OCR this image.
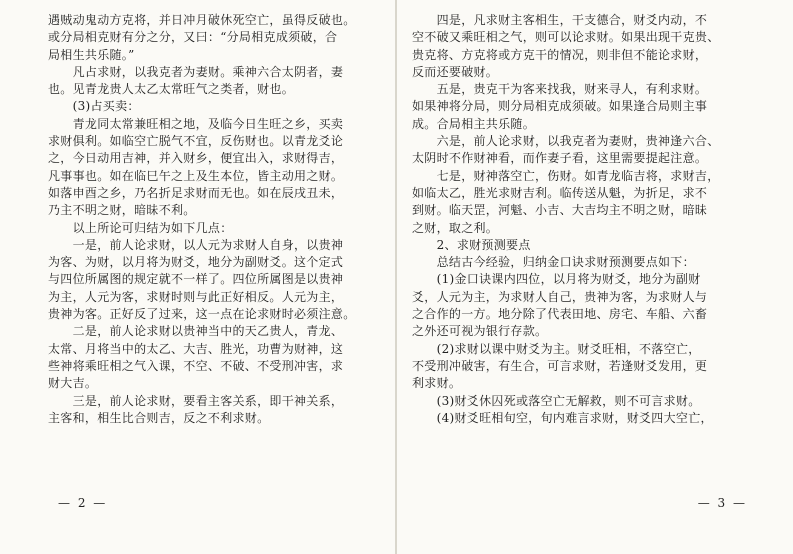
遇贼动鬼动方克将，并日冲月破休死空亡，虽得反破也。
或分局相克财有分之分，又曰：“分局相克成须破，合
局相生共乐随。”
　　凡占求财，以我克者为妻财。乘神六合太阴者，妻
也。见青龙贵人太乙太常旺气之类者，财也。
　　(3)占买卖：
　　青龙同太常兼旺相之地，及临今日生旺之乡，买卖
求财俱利。如临空亡脱气不宜，反伤财也。以青龙爻论
之，今日动用吉神，并入财乡，便宜出入，求财得吉，
凡事事也。如在临巳午之上及生本位，皆主动用之财。
如落申酉之乡，乃名折足求财而无也。如在辰戌丑未，
乃主不明之财，暗昧不利。
　　以上所论可归结为如下几点：
　　一是，前人论求财，以人元为求财人自身，以贵神
为客、为财，以月将为财爻，地分为副财爻。这个定式
与四位所属图的规定就不一样了。四位所属图是以贵神
为主，人元为客，求财时则与此正好相反。人元为主，
贵神为客。正好反了过来，这一点在论求财时必须注意。
　　二是，前人论求财以贵神当中的天乙贵人，青龙、
太常、月将当中的太乙、大吉、胜光，功曹为财神，这
些神将乘旺相之气入课，不空、不破、不受刑冲害，求
财大吉。
　　三是，前人论求财，要看主客关系，即干神关系，
主客和，相生比合则吉，反之不利求财。
— 2 —
　　四是，凡求财主客相生，干支德合，财爻内动，不
空不破又乘旺相之气，则可以论求财。如果出现干克贵、
贵克将、方克将或方克干的情况，则非但不能论求财，
反而还要破财。
　　五是，贵克干为客来找我，财来寻人，有利求财。
如果神将分局，则分局相克成须破。如果逢合局则主事
成。合局相主共乐随。
　　六是，前人论求财，以我克者为妻财，贵神逢六合、
太阴时不作财神看，而作妻子看，这里需要提起注意。
　　七是，财神落空亡，伤财。如青龙临吉将，求财吉，
如临太乙，胜光求财吉利。临传送从魁，为折足，求不
到财。临天罡，河魁、小吉、大吉均主不明之财，暗昧
之财，取之利。
　　2、求财预测要点
　　总结古今经验，归纳金口诀求财预测要点如下：
　　(1)金口诀课内四位，以月将为财爻，地分为副财
爻，人元为主，为求财人自己，贵神为客，为求财人与
之合作的一方。地分除了代表田地、房宅、车船、六畜
之外还可视为银行存款。
　　(2)求财以课中财爻为主。财爻旺相，不落空亡，
不受刑冲破害，有生合，可言求财，若逢财爻发用，更
利求财。
　　(3)财爻休囚死或落空亡无解救，则不可言求财。
　　(4)财爻旺相旬空，旬内难言求财，财爻四大空亡，
— 3 —
